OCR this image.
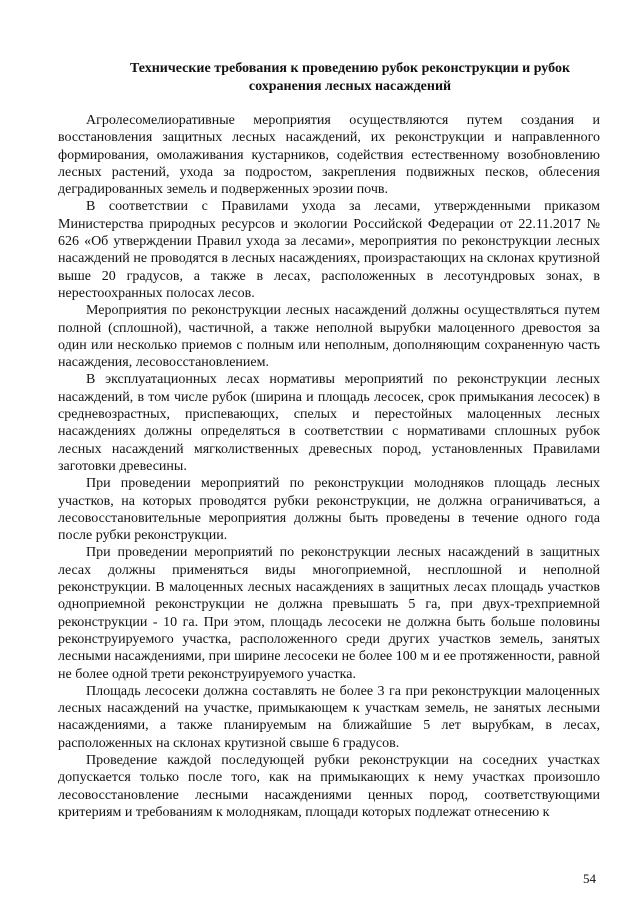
Технические требования к проведению рубок реконструкции и рубок сохранения лесных насаждений

Агролесомелиоративные мероприятия осуществляются путем создания и восстановления защитных лесных насаждений, их реконструкции и направленного формирования, омолаживания кустарников, содействия естественному возобновлению лесных растений, ухода за подростом, закрепления подвижных песков, облесения деградированных земель и подверженных эрозии почв.

В соответствии с Правилами ухода за лесами, утвержденными приказом Министерства природных ресурсов и экологии Российской Федерации от 22.11.2017 № 626 «Об утверждении Правил ухода за лесами», мероприятия по реконструкции лесных насаждений не проводятся в лесных насаждениях, произрастающих на склонах крутизной выше 20 градусов, а также в лесах, расположенных в лесотундровых зонах, в нерестоохранных полосах лесов.

Мероприятия по реконструкции лесных насаждений должны осуществляться путем полной (сплошной), частичной, а также неполной вырубки малоценного древостоя за один или несколько приемов с полным или неполным, дополняющим сохраненную часть насаждения, лесовосстановлением.

В эксплуатационных лесах нормативы мероприятий по реконструкции лесных насаждений, в том числе рубок (ширина и площадь лесосек, срок примыкания лесосек) в средневозрастных, приспевающих, спелых и перестойных малоценных лесных насаждениях должны определяться в соответствии с нормативами сплошных рубок лесных насаждений мягколиственных древесных пород, установленных Правилами заготовки древесины.

При проведении мероприятий по реконструкции молодняков площадь лесных участков, на которых проводятся рубки реконструкции, не должна ограничиваться, а лесовосстановительные мероприятия должны быть проведены в течение одного года после рубки реконструкции.

При проведении мероприятий по реконструкции лесных насаждений в защитных лесах должны применяться виды многоприемной, несплошной и неполной реконструкции. В малоценных лесных насаждениях в защитных лесах площадь участков одноприемной реконструкции не должна превышать 5 га, при двух-трехприемной реконструкции - 10 га. При этом, площадь лесосеки не должна быть больше половины реконструируемого участка, расположенного среди других участков земель, занятых лесными насаждениями, при ширине лесосеки не более 100 м и ее протяженности, равной не более одной трети реконструируемого участка.

Площадь лесосеки должна составлять не более 3 га при реконструкции малоценных лесных насаждений на участке, примыкающем к участкам земель, не занятых лесными насаждениями, а также планируемым на ближайшие 5 лет вырубкам, в лесах, расположенных на склонах крутизной свыше 6 градусов.

Проведение каждой последующей рубки реконструкции на соседних участках допускается только после того, как на примыкающих к нему участках произошло лесовосстановление лесными насаждениями ценных пород, соответствующими критериям и требованиям к молоднякам, площади которых подлежат отнесению к

54
